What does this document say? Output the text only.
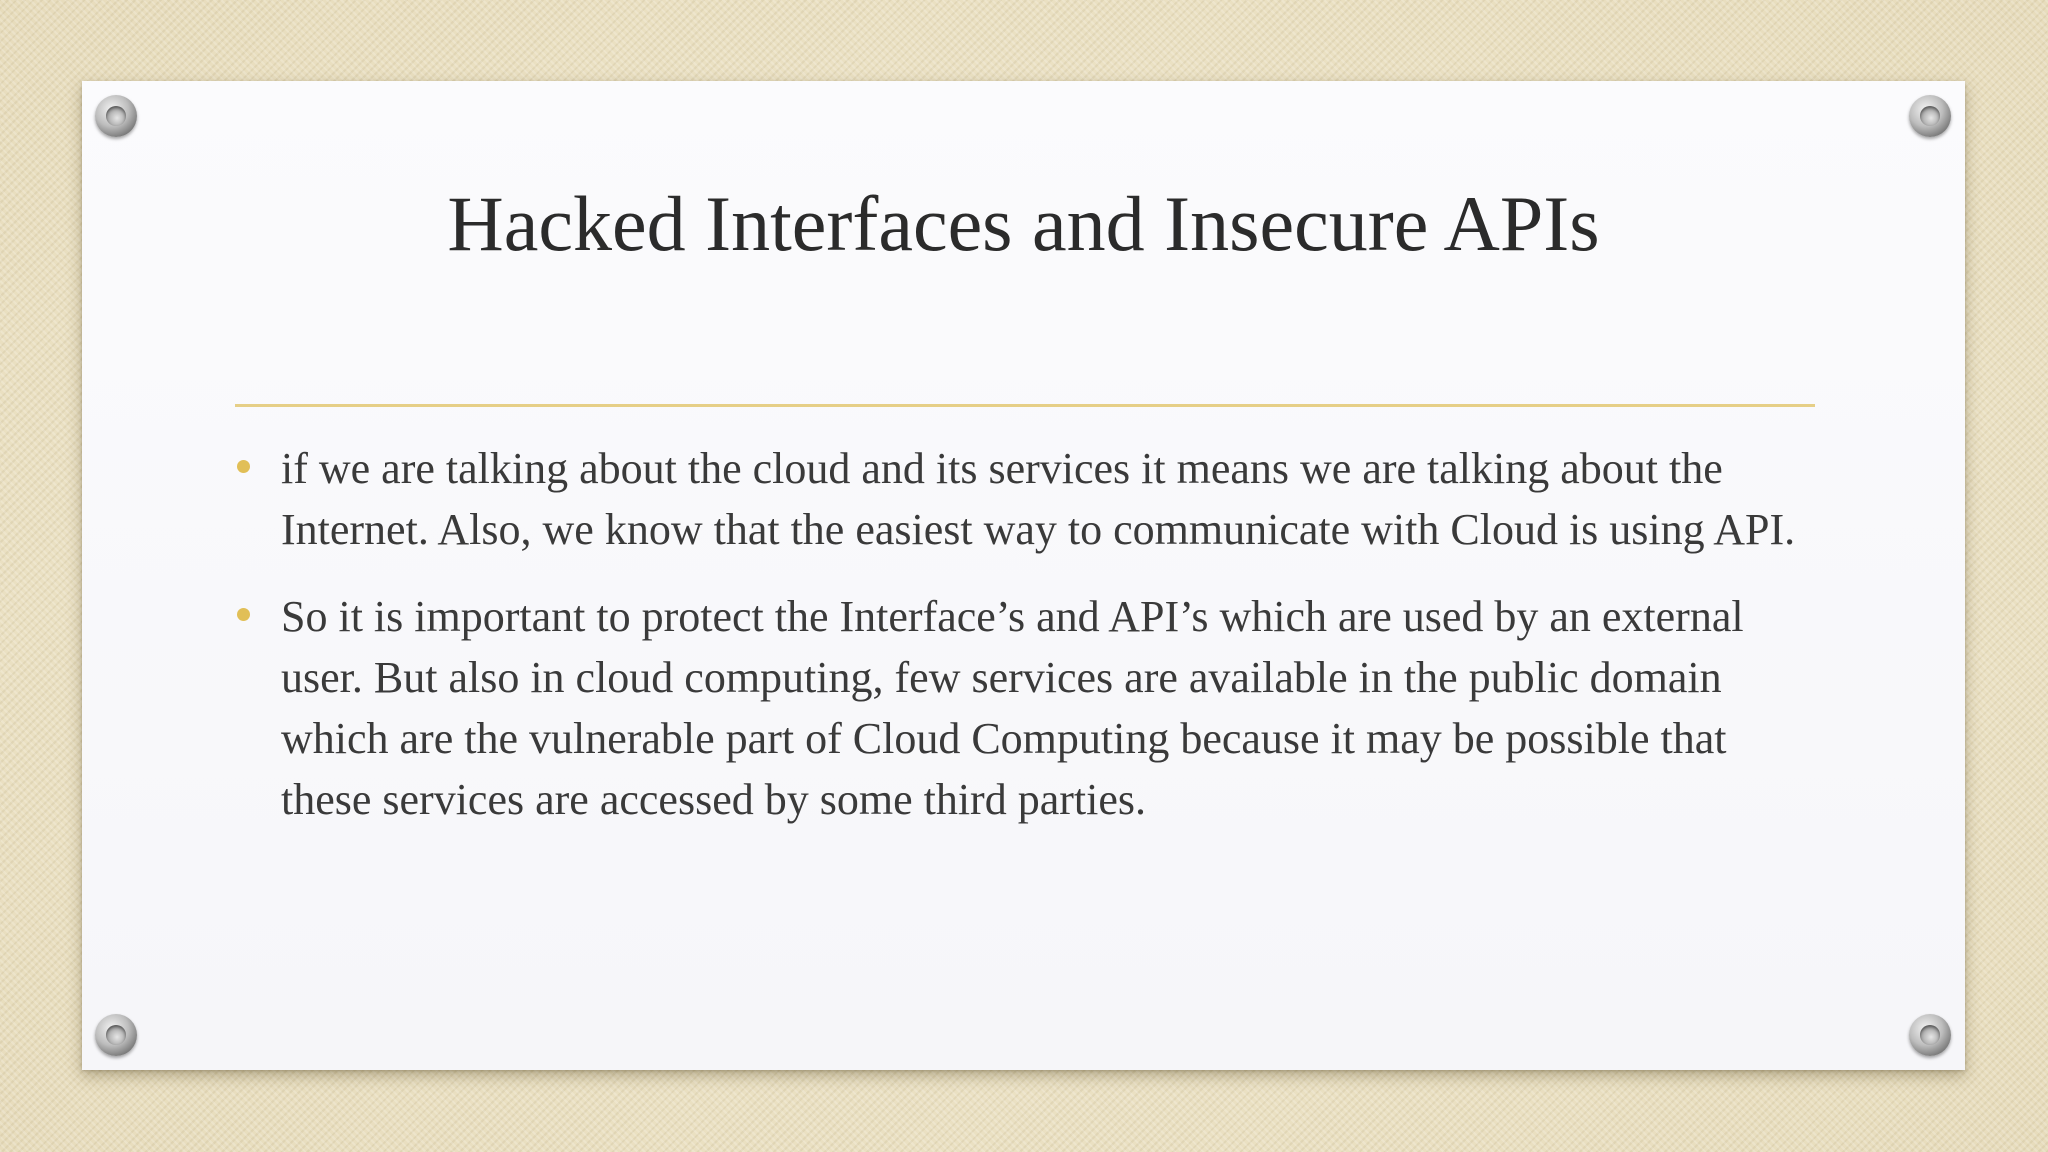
Hacked Interfaces and Insecure APIs
if we are talking about the cloud and its services it means we are talking about the Internet. Also, we know that the easiest way to communicate with Cloud is using API.
So it is important to protect the Interface’s and API’s which are used by an external user. But also in cloud computing, few services are available in the public domain which are the vulnerable part of Cloud Computing because it may be possible that these services are accessed by some third parties.
